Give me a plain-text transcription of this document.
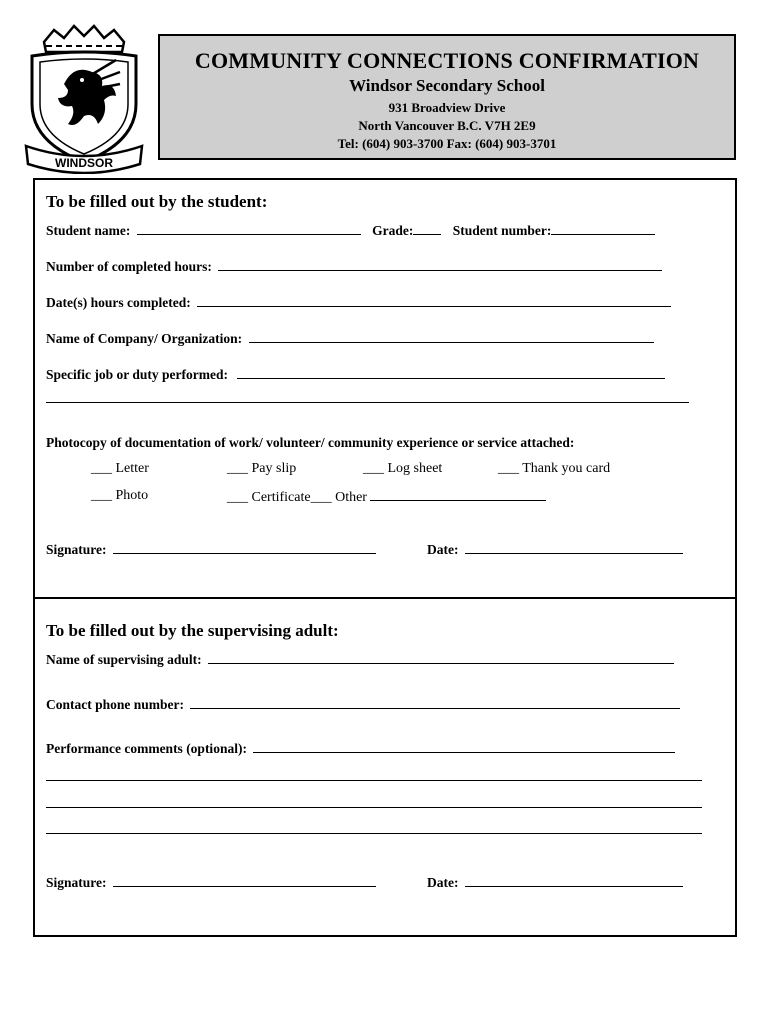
WINDSOR
COMMUNITY CONNECTIONS CONFIRMATION
Windsor Secondary School
931 Broadview Drive
North Vancouver B.C. V7H 2E9
Tel: (604) 903-3700 Fax: (604) 903-3701
To be filled out by the student:
Student name:	Grade:	Student number:
Number of completed hours:
Date(s) hours completed:
Name of Company/ Organization:
Specific job or duty performed:
Photocopy of documentation of work/ volunteer/ community experience or service attached:
___ Letter	___ Pay slip	___ Log sheet	___ Thank you card
___ Photo	___ Certificate___ Other
Signature:	Date:
To be filled out by the supervising adult:
Name of supervising adult:
Contact phone number:
Performance comments (optional):
Signature:	Date:
